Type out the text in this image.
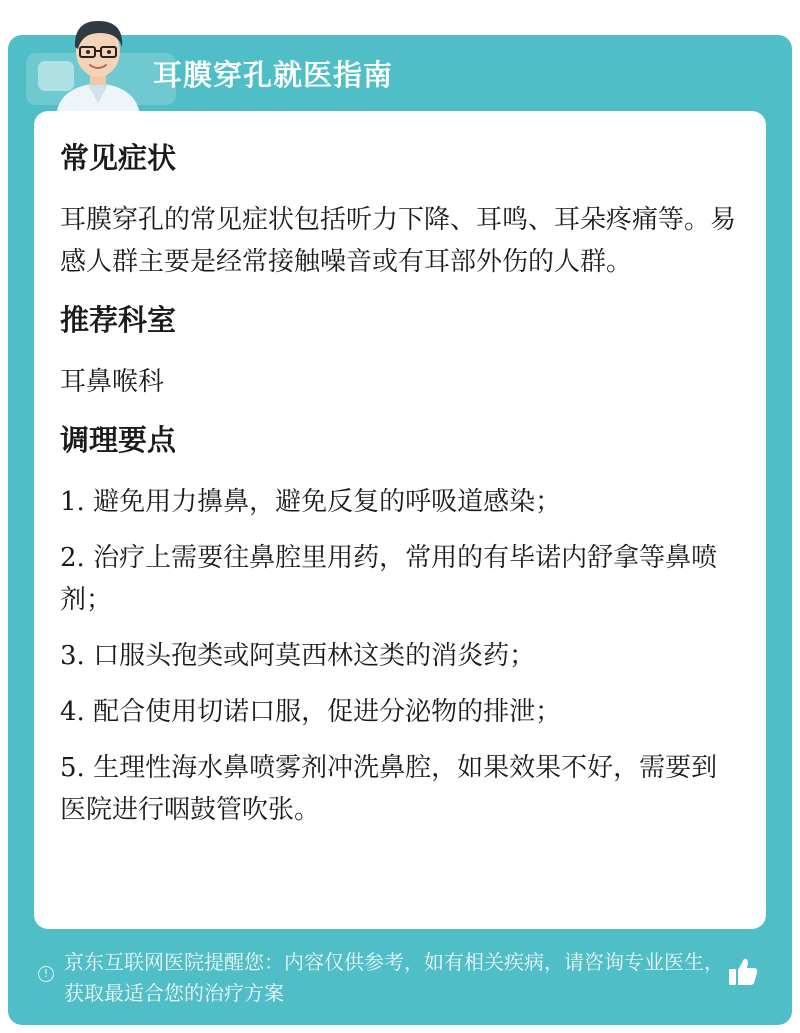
耳膜穿孔就医指南
常见症状
耳膜穿孔的常见症状包括听力下降、耳鸣、耳朵疼痛等。易感人群主要是经常接触噪音或有耳部外伤的人群。
推荐科室
耳鼻喉科
调理要点
1. 避免用力擤鼻，避免反复的呼吸道感染；
2. 治疗上需要往鼻腔里用药，常用的有毕诺内舒拿等鼻喷剂；
3. 口服头孢类或阿莫西林这类的消炎药；
4. 配合使用切诺口服，促进分泌物的排泄；
5. 生理性海水鼻喷雾剂冲洗鼻腔，如果效果不好，需要到医院进行咽鼓管吹张。
! 京东互联网医院提醒您：内容仅供参考，如有相关疾病，请咨询专业医生，获取最适合您的治疗方案
